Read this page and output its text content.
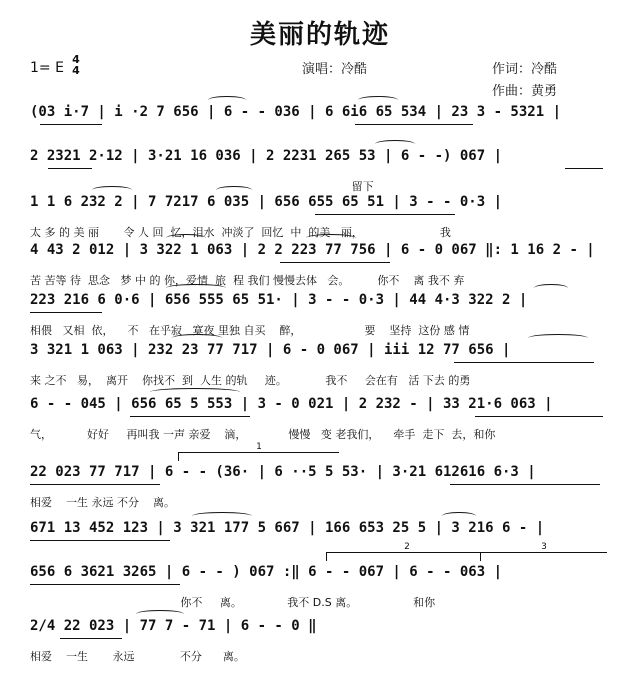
美丽的轨迹
1= E
4
4	演唱：冷酷	作词：冷酷
作曲：黄勇
(03 i·7 | i ·2 7 656 | 6 - - 036 | 6 6i6 65 534 | 23 3 - 5321 |
2 2321 2·12 | 3·21 16 036 | 2 2231 265 53 | 6 - -) 067 |
留下
1 1 6 232 2 | 7 7217 6 035 | 656 655 65 51 | 3 - - 0·3 |
太 多 的 美 丽       令 人 回  忆，泪水  冲淡了  回忆  中  的美   丽，                      我
4 43 2 012 | 3 322 1 063 | 2 2 223 77 756 | 6 - 0 067 ‖: 1 16 2 - |
苦 苦等 待  思念   梦 中 的 你，爱情  旅  程 我们 慢慢去体   会。        你不    离 我不 弃
223 216 6 0·6 | 656 555 65 51· | 3 - - 0·3 | 44 4·3 322 2 |
相偎   又相  依，    不   在乎寂   寞夜 里独 自买    醉，                  要    坚持  这份 感 情
3 321 1 063 | 232 23 77 717 | 6 - 0 067 | iii 12 77 656 |
来 之不   易，  离开    你找不  到  人生 的轨     迹。           我不     会在有   活 下去 的勇
6 - - 045 | 656 65 5 553 | 3 - 0 021 | 2 232 - | 33 21·6 063 |
气，          好好     再叫我 一声 亲爱    滴，            慢慢   变 老我们，    牵手  走下  去，和你
1
22 023 77 717 | 6 - - (36· | 6 ··5 5 53· | 3·21 612616 6·3 |
相爱    一生 永远 不分    离。
671 13 452 123 | 3 321 177 5 667 | 166 653 25 5 | 3 216 6 - |
2	3
656 6 3621 3265 | 6 - - ) 067 :‖ 6 - - 067 | 6 - - 063 |
你不     离。             我不 D.S 离。                和你
2/4 22 023 | 77 7 - 71 | 6 - - 0 ‖
相爱    一生       永远             不分      离。
